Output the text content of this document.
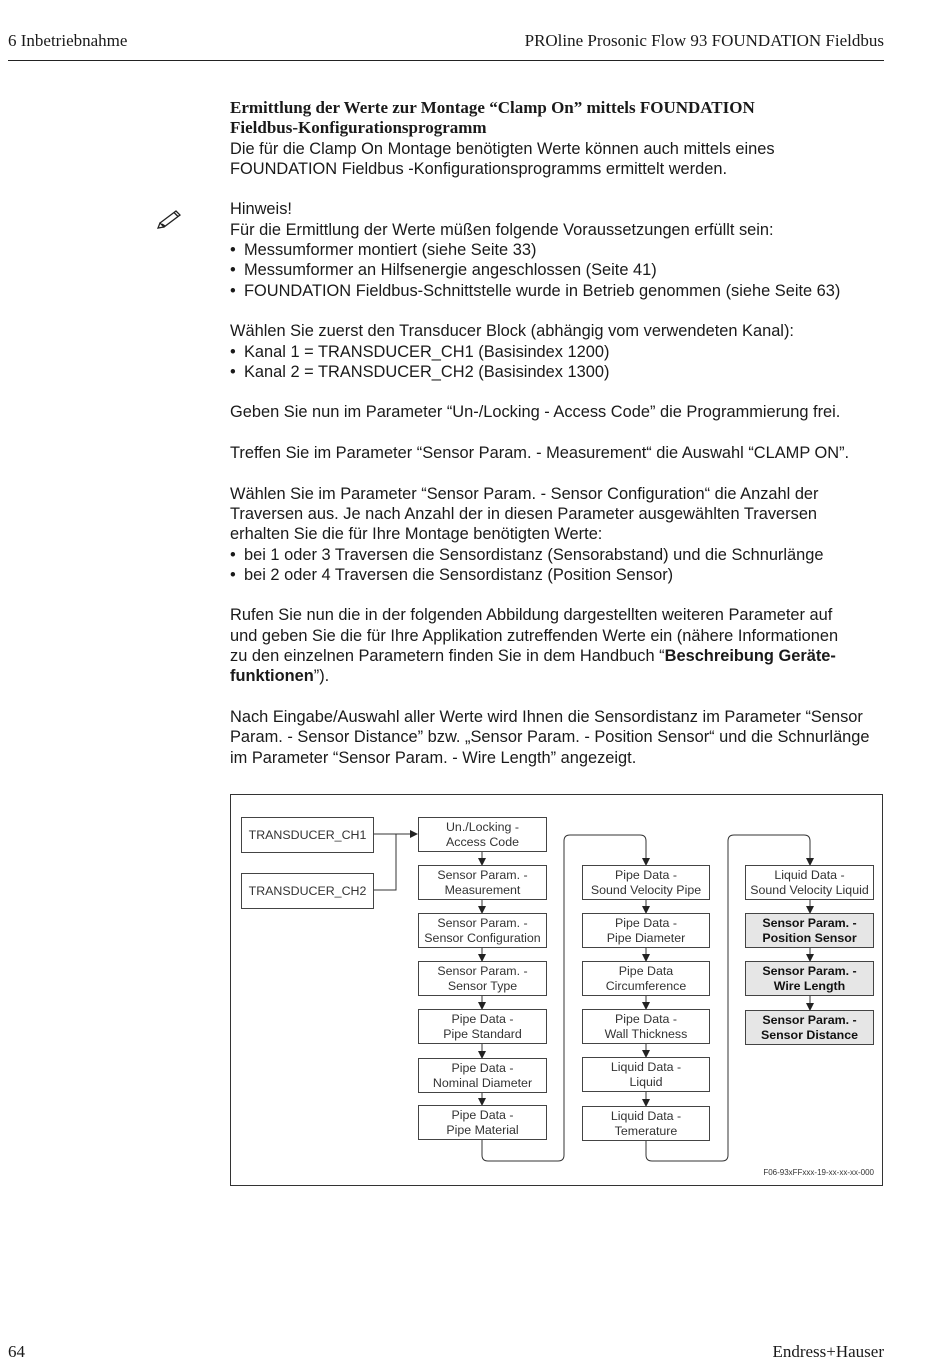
6 Inbetriebnahme	PROline Prosonic Flow 93 FOUNDATION Fieldbus
Ermittlung der Werte zur Montage “Clamp On” mittels FOUNDATION
Fieldbus-Konfigurationsprogramm

Die für die Clamp On Montage benötigten Werte können auch mittels eines
FOUNDATION Fieldbus -Konfigurationsprogramms ermittelt werden.

Hinweis!

Für die Ermittlung der Werte müßen folgende Voraussetzungen erfüllt sein:

• Messumformer montiert (siehe Seite 33)
• Messumformer an Hilfsenergie angeschlossen (Seite 41)
• FOUNDATION Fieldbus-Schnittstelle wurde in Betrieb genommen (siehe Seite 63)

Wählen Sie zuerst den Transducer Block (abhängig vom verwendeten Kanal):

• Kanal 1 = TRANSDUCER_CH1 (Basisindex 1200)
• Kanal 2 = TRANSDUCER_CH2 (Basisindex 1300)

Geben Sie nun im Parameter “Un-/Locking - Access Code” die Programmierung frei.

Treffen Sie im Parameter “Sensor Param. - Measurement“ die Auswahl “CLAMP ON”.

Wählen Sie im Parameter “Sensor Param. - Sensor Configuration“ die Anzahl der
Traversen aus. Je nach Anzahl der in diesen Parameter ausgewählten Traversen
erhalten Sie die für Ihre Montage benötigten Werte:

• bei 1 oder 3 Traversen die Sensordistanz (Sensorabstand) und die Schnurlänge
• bei 2 oder 4 Traversen die Sensordistanz (Position Sensor)

Rufen Sie nun die in der folgenden Abbildung dargestellten weiteren Parameter auf
und geben Sie die für Ihre Applikation zutreffenden Werte ein (nähere Informationen
zu den einzelnen Parametern finden Sie in dem Handbuch “Beschreibung Geräte-
funktionen”).

Nach Eingabe/Auswahl aller Werte wird Ihnen die Sensordistanz im Parameter “Sensor
Param. - Sensor Distance” bzw. „Sensor Param. - Position Sensor“ und die Schnurlänge
im Parameter “Sensor Param. - Wire Length” angezeigt.

TRANSDUCER_CH1
TRANSDUCER_CH2
Un./Locking -
Access Code
Sensor Param. -
Measurement
Sensor Param. -
Sensor Configuration
Sensor Param. -
Sensor Type
Pipe Data -
Pipe Standard
Pipe Data -
Nominal Diameter
Pipe Data -
Pipe Material
Pipe Data -
Sound Velocity Pipe
Pipe Data -
Pipe Diameter
Pipe Data
Circumference
Pipe Data -
Wall Thickness
Liquid Data -
Liquid
Liquid Data -
Temerature
Liquid Data -
Sound Velocity Liquid
Sensor Param. -
Position Sensor
Sensor Param. -
Wire Length
Sensor Param. -
Sensor Distance
F06-93xFFxxx-19-xx-xx-xx-000
64	Endress+Hauser
